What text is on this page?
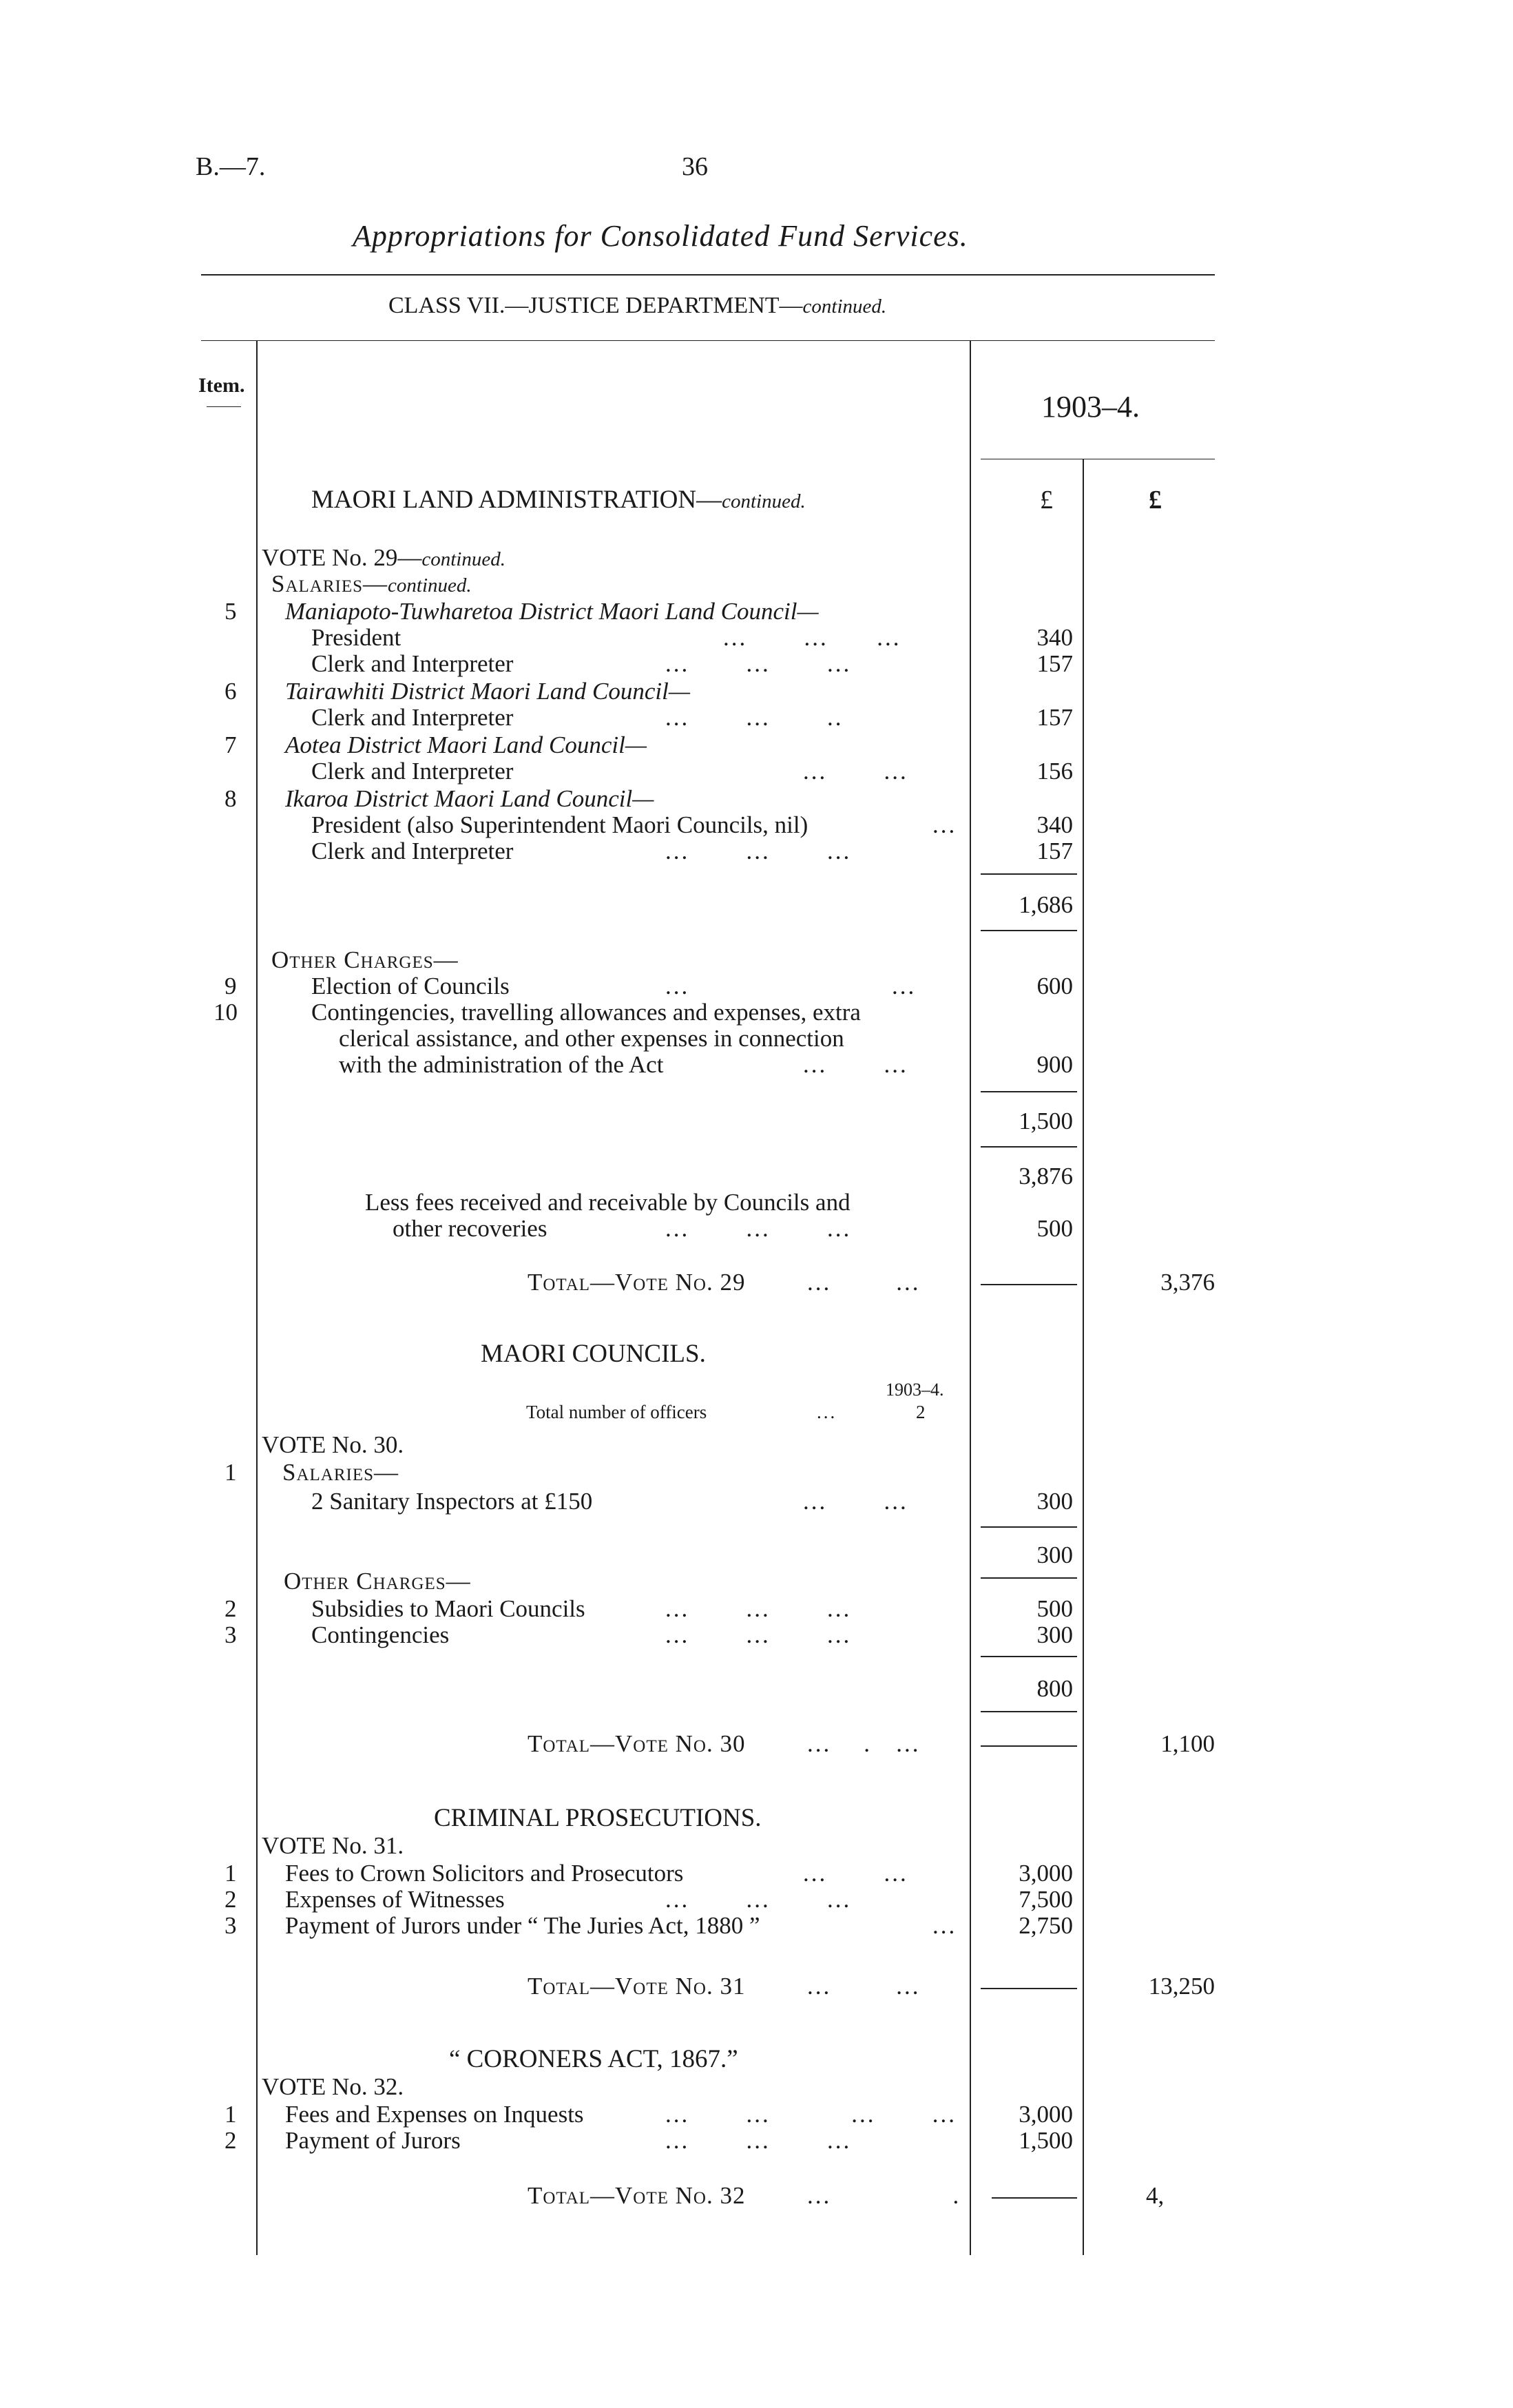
B.—7.	36
Appropriations for Consolidated Fund Services.
CLASS VII.—JUSTICE DEPARTMENT—continued.
Item.
1903–4.
£	£
MAORI LAND ADMINISTRATION—continued.
VOTE No. 29—continued.
Salaries—continued.
5 Maniapoto-Tuwharetoa District Maori Land Council—
President	...       ...      ...	340
Clerk and Interpreter	...       ...       ...	157
6 Tairawhiti District Maori Land Council—
Clerk and Interpreter	...       ...       ..	157
7 Aotea District Maori Land Council—
Clerk and Interpreter	...       ...	156
8 Ikaroa District Maori Land Council—
President (also Superintendent Maori Councils, nil)	...	340
Clerk and Interpreter	...       ...       ...	157
1,686
Other Charges—
9	Election of Councils	...                         ...	600
10	Contingencies, travelling allowances and expenses, extra
clerical assistance, and other expenses in connection
with the administration of the Act	...       ...	900
1,500
3,876
Less fees received and receivable by Councils and
other recoveries	...       ...       ...	500
Total—Vote No. 29	...        ...	3,376
MAORI COUNCILS.
1903–4.
Total number of officers	...	2
VOTE No. 30.
1 Salaries—
2 Sanitary Inspectors at £150	...       ...	300
300
Other Charges—
2	Subsidies to Maori Councils	...       ...       ...	500
3	Contingencies	...       ...       ...	300
800
Total—Vote No. 30	...    .   ...	1,100
CRIMINAL PROSECUTIONS.
VOTE No. 31.
1 Fees to Crown Solicitors and Prosecutors	...       ...	3,000
2 Expenses of Witnesses	...       ...       ...	7,500
3 Payment of Jurors under “ The Juries Act, 1880 ”	...	2,750
Total—Vote No. 31	...        ...	13,250
“ CORONERS ACT, 1867.”
VOTE No. 32.
1 Fees and Expenses on Inquests	...       ...          ...       ...	3,000
2 Payment of Jurors	...       ...       ...	1,500
Total—Vote No. 32	...               .	4,
